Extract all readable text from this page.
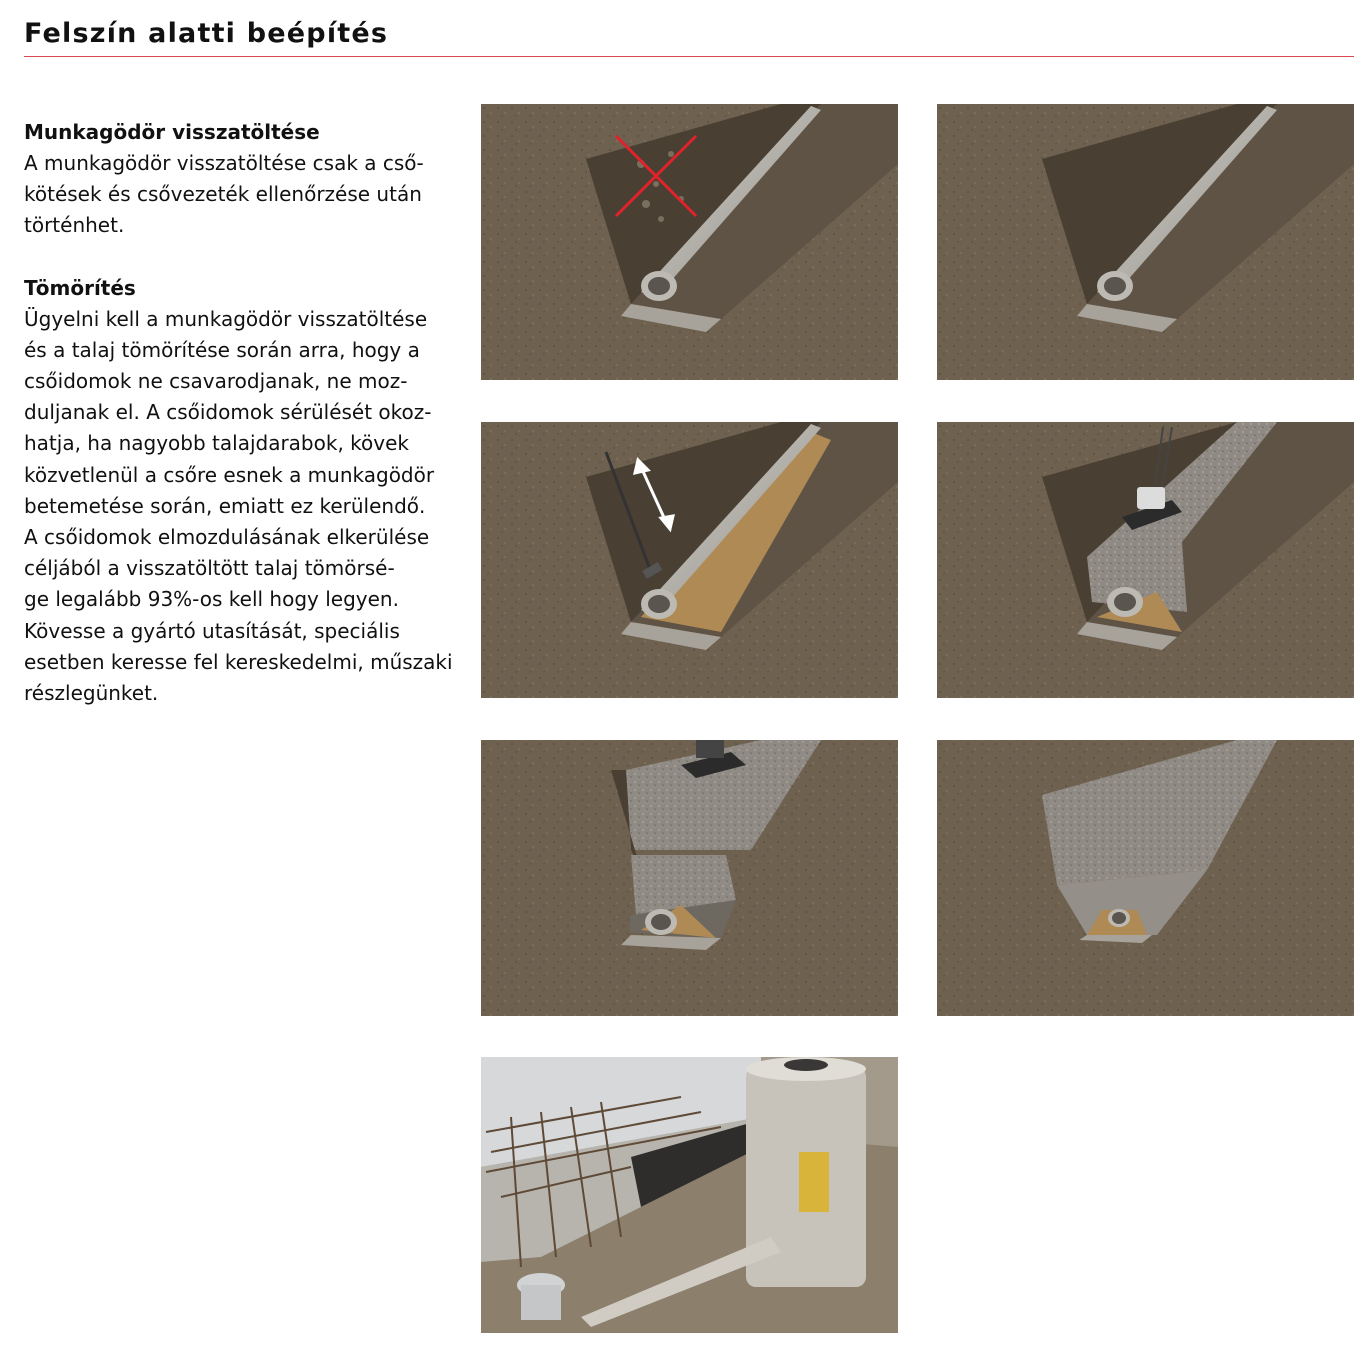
Felszín alatti beépítés

Munkagödör visszatöltése

A munkagödör visszatöltése csak a cső-

kötések és csővezeték ellenőrzése után

történhet.

Tömörítés

Ügyelni kell a munkagödör visszatöltése

és a talaj tömörítése során arra, hogy a

csőidomok ne csavarodjanak, ne moz-

duljanak el. A csőidomok sérülését okoz-

hatja, ha nagyobb talajdarabok, kövek

közvetlenül a csőre esnek a munkagödör

betemetése során, emiatt ez kerülendő.

A csőidomok elmozdulásának elkerülése

céljából a visszatöltött talaj tömörsé-

ge legalább 93%-os kell hogy legyen.

Kövesse a gyártó utasítását, speciális

esetben keresse fel kereskedelmi, műszaki

részlegünket.
